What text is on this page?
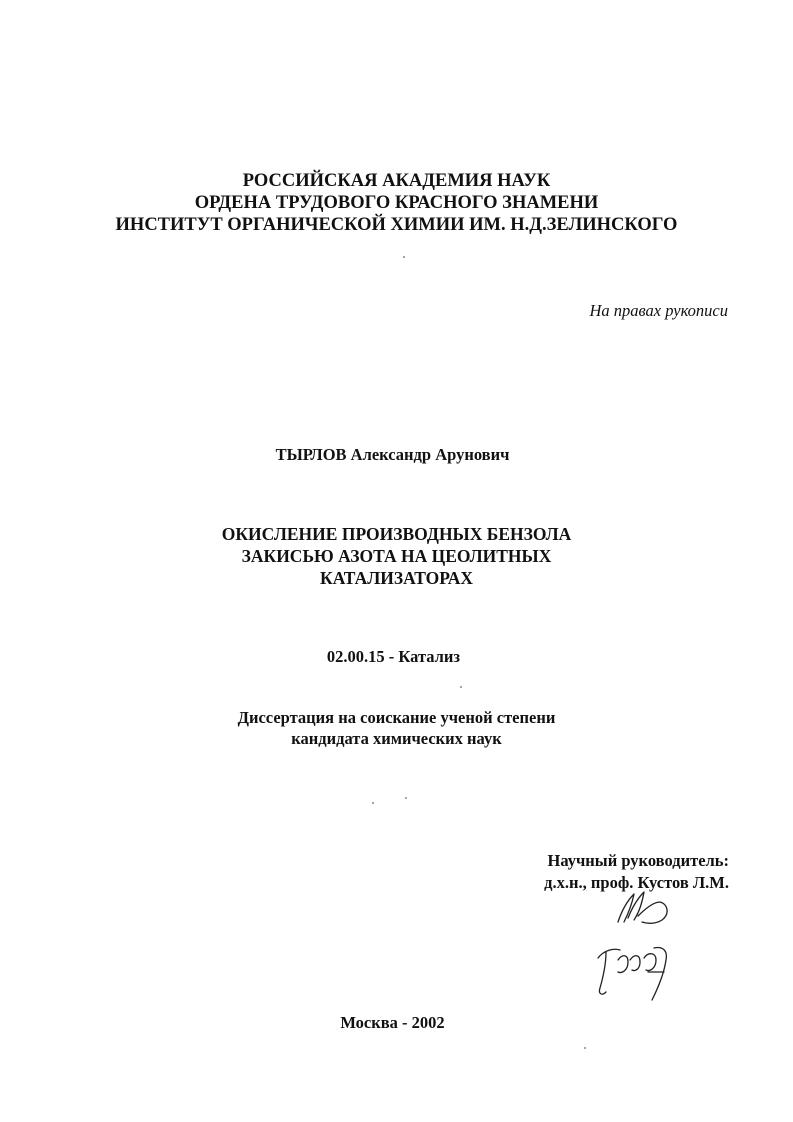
РОССИЙСКАЯ АКАДЕМИЯ НАУК
ОРДЕНА ТРУДОВОГО КРАСНОГО ЗНАМЕНИ
ИНСТИТУТ ОРГАНИЧЕСКОЙ ХИМИИ ИМ. Н.Д.ЗЕЛИНСКОГО
На правах рукописи
ТЫРЛОВ Александр Арунович
ОКИСЛЕНИЕ ПРОИЗВОДНЫХ БЕНЗОЛА
ЗАКИСЬЮ АЗОТА НА ЦЕОЛИТНЫХ
КАТАЛИЗАТОРАХ
02.00.15 - Катализ
Диссертация на соискание ученой степени
кандидата химических наук
Научный руководитель:
д.х.н., проф. Кустов Л.М.
Москва - 2002
